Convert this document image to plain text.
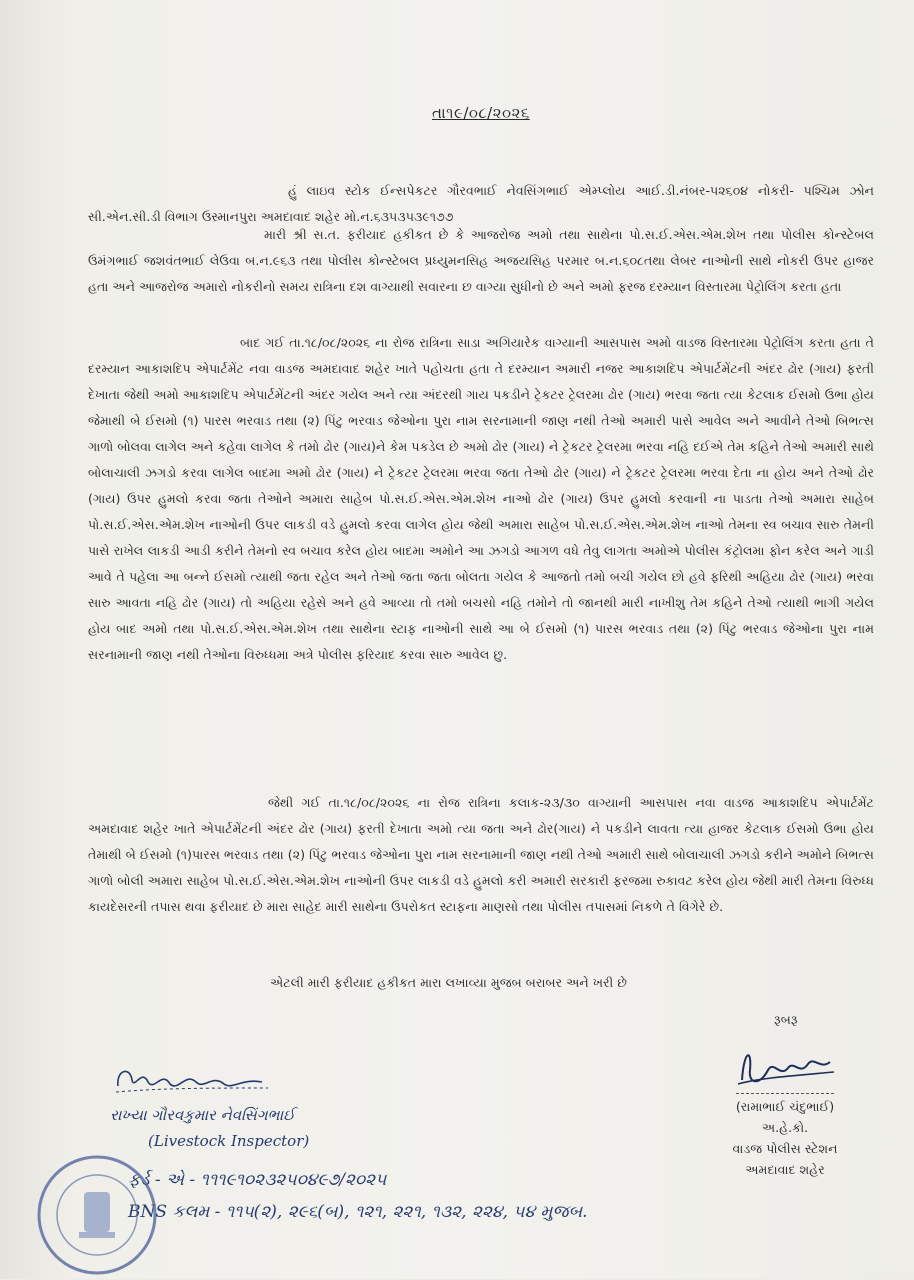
તા૧૯/૦૮/૨૦૨૬
હું લાઇવ સ્ટોક ઈન્સપેકટર ગૌરવભાઈ નેવસિંગભાઈ એમ્પ્લોય આઈ.ડી.નંબર-૫૨૬૦૪ નોકરી- પશ્ચિમ ઝોન સી.એન.સી.ડી વિભાગ ઉસ્માનપુરા અમદાવાદ શહેર મો.ન.૬૩૫૩૫૩૯૧૭૭
મારી શ્રી સ.ત. ફરીયાદ હકીકત છે કે આજરોજ અમો તથા સાથેના પો.સ.ઈ.એસ.એમ.શેખ તથા પોલીસ કોન્સ્ટેબલ ઉમંગભાઈ જશવંતભાઈ લેઉવા બ.ન.૯૬૩ તથા પોલીસ કોન્સ્ટેબલ પ્રધ્યુમનસિહ અજયસિહ પરમાર બ.ન.૬૦૮તથા લેબર નાઓની સાથે નોકરી ઉપર હાજર હતા અને આજરોજ અમારો નોકરીનો સમય રાત્રિના દશ વાગ્યાથી સવારના છ વાગ્યા સુધીનો છે અને અમો ફરજ દરમ્યાન વિસ્તારમા પેટ્રોલિંગ કરતા હતા
બાદ ગઈ તા.૧૮/૦૮/૨૦૨૬ ના રોજ રાત્રિના સાડા અગિયારેક વાગ્યાની આસપાસ અમો વાડજ વિસ્તારમા પેટ્રોલિંગ કરતા હતા તે દરમ્યાન આકાશદિપ એપાર્ટમેંટ નવા વાડજ અમદાવાદ શહેર ખાતે પહોચતા હતા તે દરમ્યાન અમારી નજર આકાશદિપ એપાર્ટમેંટની અંદર ઢોર (ગાય) ફરતી દેખાતા જેથી અમો આકાશદિપ એપાર્ટમેંટની અંદર ગયેલ અને ત્યા અંદરથી ગાય પકડીને ટ્રેકટર ટ્રેલરમા ઢોર (ગાય) ભરવા જતા ત્યા કેટલાક ઈસમો ઉભા હોય જેમાથી બે ઈસમો (૧) પારસ ભરવાડ તથા (૨) પિંટુ ભરવાડ જેઓના પુરા નામ સરનામાની જાણ નથી તેઓ અમારી પાસે આવેલ અને આવીને તેઓ બિભત્સ ગાળો બોલવા લાગેલ અને કહેવા લાગેલ કે તમો ઢોર (ગાય)ને કેમ પકડેલ છે અમો ઢોર (ગાય) ને ટ્રેકટર ટ્રેલરમા ભરવા નહિ દઈએ તેમ કહિને તેઓ અમારી સાથે બોલાચાલી ઝગડો કરવા લાગેલ બાદમા અમો ઢોર (ગાય) ને ટ્રેકટર ટ્રેલરમા ભરવા જતા તેઓ ઢોર (ગાય) ને ટ્રેકટર ટ્રેલરમા ભરવા દેતા ના હોય અને તેઓ ઢોર (ગાય) ઉપર હુમલો કરવા જતા તેઓને અમારા સાહેબ પો.સ.ઈ.એસ.એમ.શેખ નાઓ ઢોર (ગાય) ઉપર હુમલો કરવાની ના પાડતા તેઓ અમારા સાહેબ પો.સ.ઈ.એસ.એમ.શેખ નાઓની ઉપર લાકડી વડે હુમલો કરવા લાગેલ હોય જેથી અમારા સાહેબ પો.સ.ઈ.એસ.એમ.શેખ નાઓ તેમના સ્વ બચાવ સારુ તેમની પાસે રાખેલ લાકડી આડી કરીને તેમનો સ્વ બચાવ કરેલ હોય બાદમા અમોને આ ઝગડો આગળ વધે તેવુ લાગતા અમોએ પોલીસ કંટ્રોલમા ફોન કરેલ અને ગાડી આવે તે પહેલા આ બન્ને ઈસમો ત્યાથી જતા રહેલ અને તેઓ જતા જતા બોલતા ગયેલ કે આજતો તમો બચી ગયેલ છો હવે ફરિથી અહિયા ઢોર (ગાય) ભરવા સારુ આવતા નહિ ઢોર (ગાય) તો અહિયા રહેસે અને હવે આવ્યા તો તમો બચસો નહિ તમોને તો જાનથી મારી નાખીશુ તેમ કહિને તેઓ ત્યાથી ભાગી ગયેલ હોય બાદ અમો તથા પો.સ.ઈ.એસ.એમ.શેખ તથા સાથેના સ્ટાફ નાઓની સાથે આ બે ઈસમો (૧) પારસ ભરવાડ તથા (૨) પિંટુ ભરવાડ જેઓના પુરા નામ સરનામાની જાણ નથી તેઓના વિરુધ્ધમા અત્રે પોલીસ ફરિયાદ કરવા સારુ આવેલ છુ.
જેથી ગઈ તા.૧૮/૦૮/૨૦૨૬ ના રોજ રાત્રિના કલાક-૨૩/૩૦ વાગ્યાની આસપાસ નવા વાડજ આકાશદિપ એપાર્ટમેંટ અમદાવાદ શહેર ખાતે એપાર્ટમેંટની અંદર ઢોર (ગાય) ફરતી દેખાતા અમો ત્યા જતા અને ઢોર(ગાય) ને પકડીને લાવતા ત્યા હાજર કેટલાક ઈસમો ઉભા હોય તેમાથી બે ઈસમો (૧)પારસ ભરવાડ તથા (૨) પિંટુ ભરવાડ જેઓના પુરા નામ સરનામાની જાણ નથી તેઓ અમારી સાથે બોલાચાલી ઝગડો કરીને અમોને બિભત્સ ગાળો બોલી અમારા સાહેબ પો.સ.ઈ.એસ.એમ.શેખ નાઓની ઉપર લાકડી વડે હુમલો કરી અમારી સરકારી ફરજમા રુકાવટ કરેલ હોય જેથી મારી તેમના વિરુધ્ધ કાયદેસરની તપાસ થવા ફરીયાદ છે મારા સાહેદ મારી સાથેના ઉપરોકત સ્ટાફના માણસો તથા પોલીસ તપાસમાં નિકળે તે વિગેરે છે.
એટલી મારી ફરીયાદ હકીકત મારા લખાવ્યા મુજબ બરાબર અને ખરી છે
રૂબરૂ
(રામાભાઈ ચંદુભાઈ)
અ.હે.કો.
વાડજ પોલીસ સ્ટેશન
અમદાવાદ શહેર
રાખ્યા ગૌરવકુમાર નેવસિંગભાઈ
(Livestock Inspector)
ફર્ડ - એ - ૧૧૧૯૧૦૨૩૨૫૦૪૯૭/૨૦૨૫
BNS કલમ - ૧૧૫(૨), ૨૯૬(બ), ૧૨૧, ૨૨૧, ૧૩૨, ૨૨૪, ૫૪ મુજબ.
